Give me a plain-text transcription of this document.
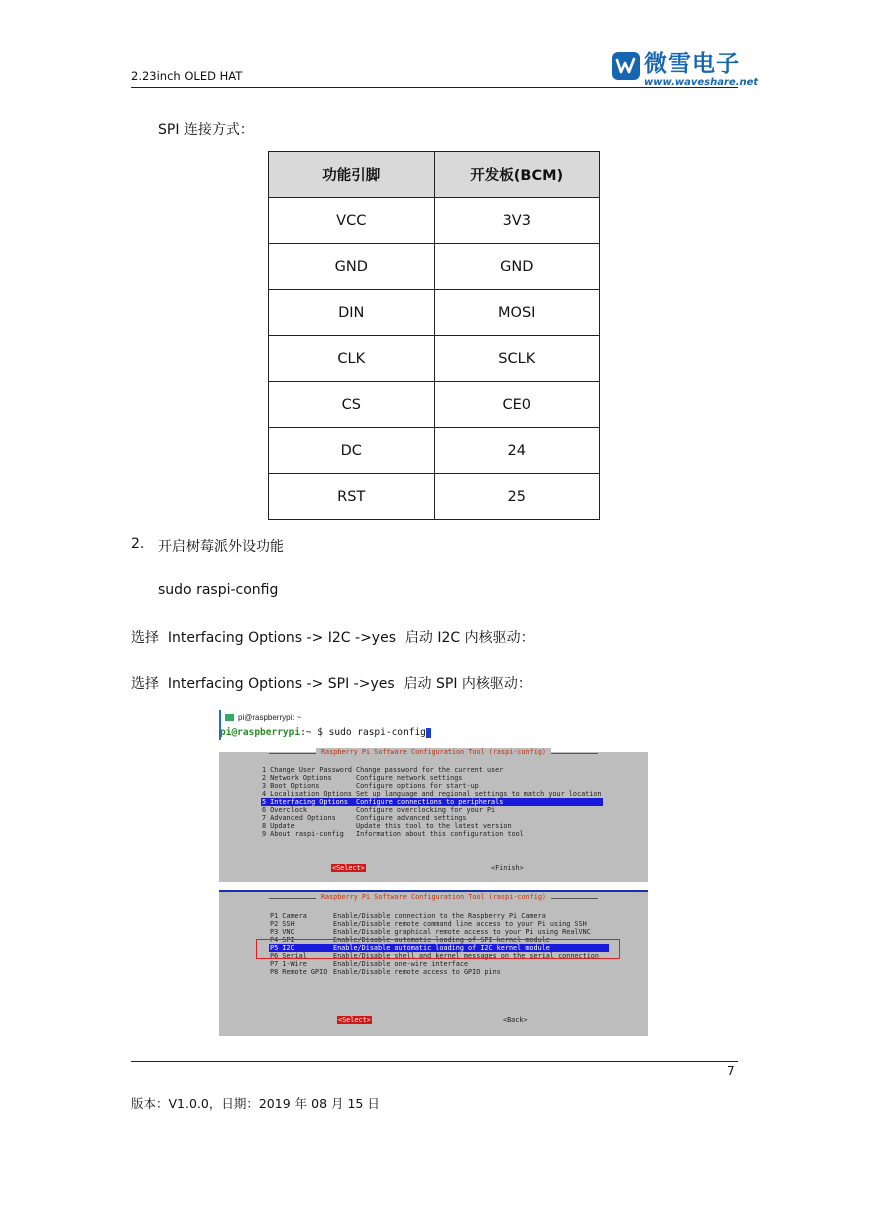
2.23inch OLED HAT	微雪电子
www.waveshare.net
SPI 连接方式：
功能引脚	开发板(BCM)
VCC	3V3
GND	GND
DIN	MOSI
CLK	SCLK
CS	CE0
DC	24
RST	25
2. 开启树莓派外设功能
sudo raspi-config
选择  Interfacing Options -> I2C ->yes  启动 I2C 内核驱动：
选择  Interfacing Options -> SPI ->yes  启动 SPI 内核驱动：
pi@raspberrypi: ~
pi@raspberrypi:~ $ sudo raspi-config
Raspberry Pi Software Configuration Tool (raspi-config)
1 Change User Password Change password for the current user
2 Network Options	Configure network settings
3 Boot Options	Configure options for start-up
4 Localisation Options Set up language and regional settings to match your location
5 Interfacing Options Configure connections to peripherals
6 Overclock	Configure overclocking for your Pi
7 Advanced Options	Configure advanced settings
8 Update	Update this tool to the latest version
9 About raspi-config Information about this configuration tool
<Select>	<Finish>
Raspberry Pi Software Configuration Tool (raspi-config)
P1 Camera	Enable/Disable connection to the Raspberry Pi Camera
P2 SSH	Enable/Disable remote command line access to your Pi using SSH
P3 VNC	Enable/Disable graphical remote access to your Pi using RealVNC
P4 SPI	Enable/Disable automatic loading of SPI kernel module
P5 I2C	Enable/Disable automatic loading of I2C kernel module
P6 Serial	Enable/Disable shell and kernel messages on the serial connection
P7 1-Wire	Enable/Disable one-wire interface
P8 Remote GPIO Enable/Disable remote access to GPIO pins
<Select>	<Back>
7
版本：V1.0.0，日期：2019 年 08 月 15 日
